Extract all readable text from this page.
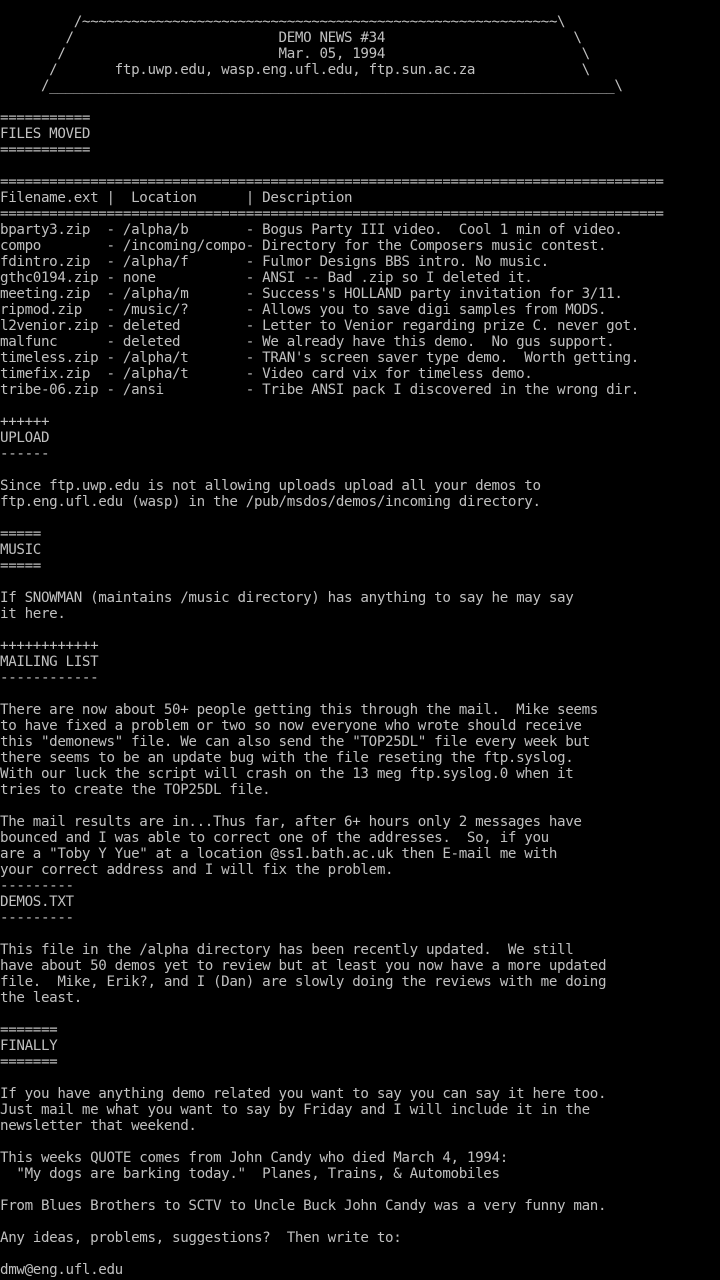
/~~~~~~~~~~~~~~~~~~~~~~~~~~~~~~~~~~~~~~~~~~~~~~~~~~~~~~~~~~\
/                         DEMO NEWS #34                       \
/                          Mar. 05, 1994                        \
/       ftp.uwp.edu, wasp.eng.ufl.edu, ftp.sun.ac.za             \
/_____________________________________________________________________\
===========
FILES MOVED
===========
=================================================================================
Filename.ext |  Location      | Description
=================================================================================
bparty3.zip  - /alpha/b       - Bogus Party III video.  Cool 1 min of video.
compo        - /incoming/compo- Directory for the Composers music contest.
fdintro.zip  - /alpha/f       - Fulmor Designs BBS intro. No music.
gthc0194.zip - none           - ANSI -- Bad .zip so I deleted it.
meeting.zip  - /alpha/m       - Success's HOLLAND party invitation for 3/11.
ripmod.zip   - /music/?       - Allows you to save digi samples from MODS.
l2venior.zip - deleted        - Letter to Venior regarding prize C. never got.
malfunc      - deleted        - We already have this demo.  No gus support.
timeless.zip - /alpha/t       - TRAN's screen saver type demo.  Worth getting.
timefix.zip  - /alpha/t       - Video card vix for timeless demo.
tribe-06.zip - /ansi          - Tribe ANSI pack I discovered in the wrong dir.
++++++
UPLOAD
------
Since ftp.uwp.edu is not allowing uploads upload all your demos to
ftp.eng.ufl.edu (wasp) in the /pub/msdos/demos/incoming directory.
=====
MUSIC
=====
If SNOWMAN (maintains /music directory) has anything to say he may say
it here.
++++++++++++
MAILING LIST
------------
There are now about 50+ people getting this through the mail.  Mike seems
to have fixed a problem or two so now everyone who wrote should receive
this "demonews" file. We can also send the "TOP25DL" file every week but
there seems to be an update bug with the file reseting the ftp.syslog.
With our luck the script will crash on the 13 meg ftp.syslog.0 when it
tries to create the TOP25DL file.
The mail results are in...Thus far, after 6+ hours only 2 messages have
bounced and I was able to correct one of the addresses.  So, if you
are a "Toby Y Yue" at a location @ss1.bath.ac.uk then E-mail me with
your correct address and I will fix the problem.
---------
DEMOS.TXT
---------
This file in the /alpha directory has been recently updated.  We still
have about 50 demos yet to review but at least you now have a more updated
file.  Mike, Erik?, and I (Dan) are slowly doing the reviews with me doing
the least.
=======
FINALLY
=======
If you have anything demo related you want to say you can say it here too.
Just mail me what you want to say by Friday and I will include it in the
newsletter that weekend.
This weeks QUOTE comes from John Candy who died March 4, 1994:
"My dogs are barking today."  Planes, Trains, & Automobiles
From Blues Brothers to SCTV to Uncle Buck John Candy was a very funny man.
Any ideas, problems, suggestions?  Then write to:
dmw@eng.ufl.edu
